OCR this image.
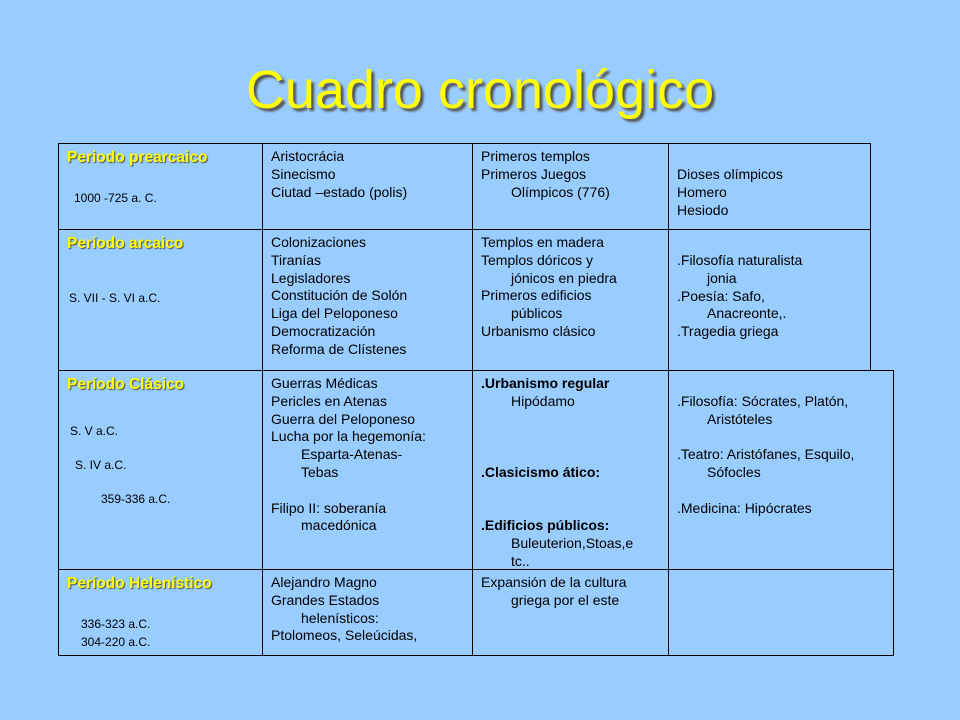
Cuadro cronológico
Periodo prearcaico
1000 -725 a. C.
Aristocrácia
Sinecismo
Ciutad –estado (polis)
Primeros templos
Primeros Juegos
Olímpicos (776)
Dioses olímpicos
Homero
Hesiodo
Período arcaico
S. VII - S. VI a.C.
Colonizaciones
Tiranías
Legisladores
Constitución de Solón
Liga del Peloponeso
Democratización
Reforma de Clístenes
Templos en madera
Templos dóricos y
jónicos en piedra
Primeros edificios
públicos
Urbanismo clásico
.Filosofía naturalista
jonia
.Poesía: Safo,
Anacreonte,.
.Tragedia griega
Período Clásico
S. V a.C.
S. IV a.C.
359-336 a.C.
Guerras Médicas
Pericles en Atenas
Guerra del Peloponeso
Lucha por la hegemonía:
Esparta-Atenas-
Tebas
Filipo II: soberanía
macedónica
.Urbanismo regular
Hipódamo
.Clasicismo ático:
.Edificios públicos:
Buleuterion,Stoas,e
tc..
.Filosofía: Sócrates, Platón,
Aristóteles
.Teatro: Aristófanes, Esquilo,
Sófocles
.Medicina: Hipócrates
Período Helenístico
336-323 a.C.
304-220 a.C.
Alejandro Magno
Grandes Estados
helenísticos:
Ptolomeos, Seleúcidas,
Expansión de la cultura
griega por el este
